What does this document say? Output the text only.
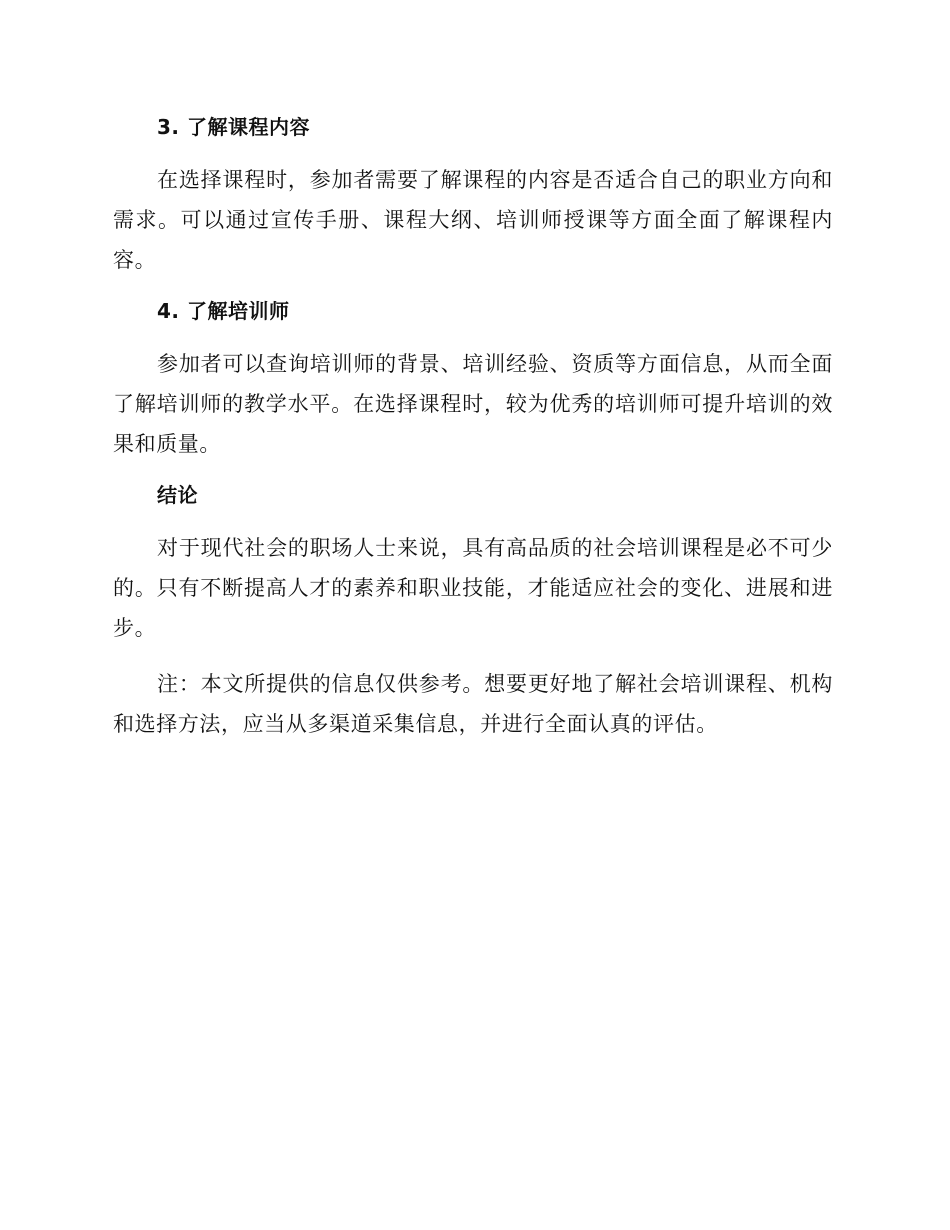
3. 了解课程内容

在选择课程时，参加者需要了解课程的内容是否适合自己的职业方向和需求。可以通过宣传手册、课程大纲、培训师授课等方面全面了解课程内容。

4. 了解培训师

参加者可以查询培训师的背景、培训经验、资质等方面信息，从而全面了解培训师的教学水平。在选择课程时，较为优秀的培训师可提升培训的效果和质量。

结论

对于现代社会的职场人士来说，具有高品质的社会培训课程是必不可少的。只有不断提高人才的素养和职业技能，才能适应社会的变化、进展和进步。

注：本文所提供的信息仅供参考。想要更好地了解社会培训课程、机构和选择方法，应当从多渠道采集信息，并进行全面认真的评估。
